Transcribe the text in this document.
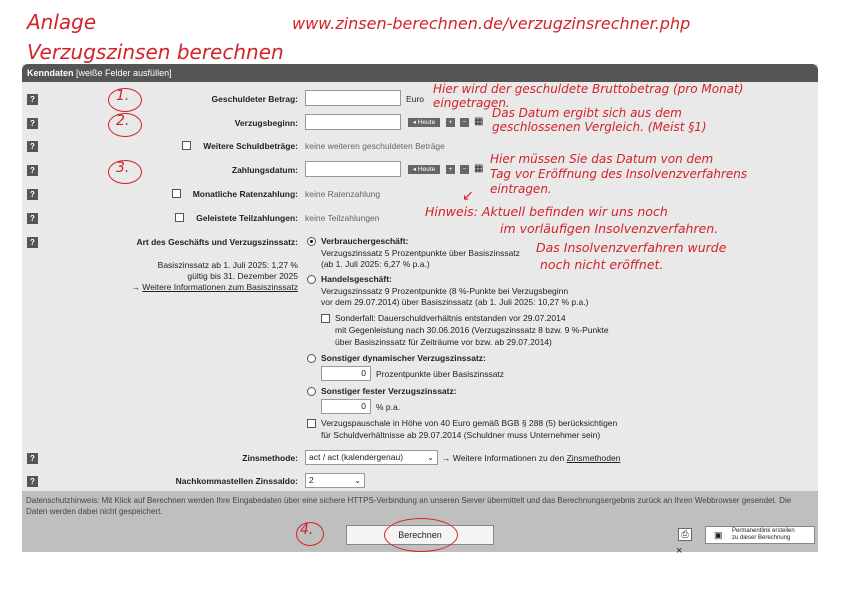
Anlage
Verzugszinsen berechnen
www.zinsen-berechnen.de/verzugzinsrechner.php
Kenndaten [weiße Felder ausfüllen]
?	Geschuldeter Betrag:	Euro
?	Verzugsbeginn:	◂ Heute	+	− ▦
?	Weitere Schuldbeträge: keine weiteren geschuldeten Beträge
?	Zahlungsdatum:	◂ Heute	+	− ▦
?	Monatliche Ratenzahlung: keine Ratenzahlung
?	Geleistete Teilzahlungen: keine Teilzahlungen
?	Art des Geschäfts und Verzugszinssatz:
Basiszinssatz ab 1. Juli 2025: 1,27 %
gültig bis 31. Dezember 2025
→ Weitere Informationen zum Basiszinssatz
Verbrauchergeschäft:
Verzugszinssatz 5 Prozentpunkte über Basiszinssatz
(ab 1. Juli 2025: 6,27 % p.a.)
Handelsgeschäft:
Verzugszinssatz 9 Prozentpunkte (8 %-Punkte bei Verzugsbeginn
vor dem 29.07.2014) über Basiszinssatz (ab 1. Juli 2025: 10,27 % p.a.)
Sonderfall: Dauerschuldverhältnis entstanden vor 29.07.2014
mit Gegenleistung nach 30.06.2016 (Verzugszinssatz 8 bzw. 9 %-Punkte
über Basiszinssatz für Zeiträume vor bzw. ab 29.07.2014)
Sonstiger dynamischer Verzugszinssatz:
0	Prozentpunkte über Basiszinssatz
Sonstiger fester Verzugszinssatz:
0	% p.a.
Verzugspauschale in Höhe von 40 Euro gemäß BGB § 288 (5) berücksichtigen
für Schuldverhältnisse ab 29.07.2014 (Schuldner muss Unternehmer sein)
?	Zinsmethode:	act / act (kalendergenau)	⌄ → Weitere Informationen zu den Zinsmethoden
?	Nachkommastellen Zinssaldo:	2	⌄
Datenschutzhinweis: Mit Klick auf Berechnen werden Ihre Eingabedaten über eine sichere HTTPS-Verbindung an unseren Server übermittelt und das Berechnungsergebnis zurück an Ihren Webbrowser gesendet. Die Daten werden dabei nicht gespeichert.
Berechnen	⎙	▣ Permanentlink erstellen
zu dieser Berechnung
×
1.
2.
3.
4.
Hier wird der geschuldete Bruttobetrag (pro Monat)
eingetragen.
Das Datum ergibt sich aus dem
geschlossenen Vergleich. (Meist §1)
Hier müssen Sie das Datum von dem
Tag vor Eröffnung des Insolvenzverfahrens
eintragen.
↙
Hinweis: Aktuell befinden wir uns noch
im vorläufigen Insolvenzverfahren.
Das Insolvenzverfahren wurde
noch nicht eröffnet.
